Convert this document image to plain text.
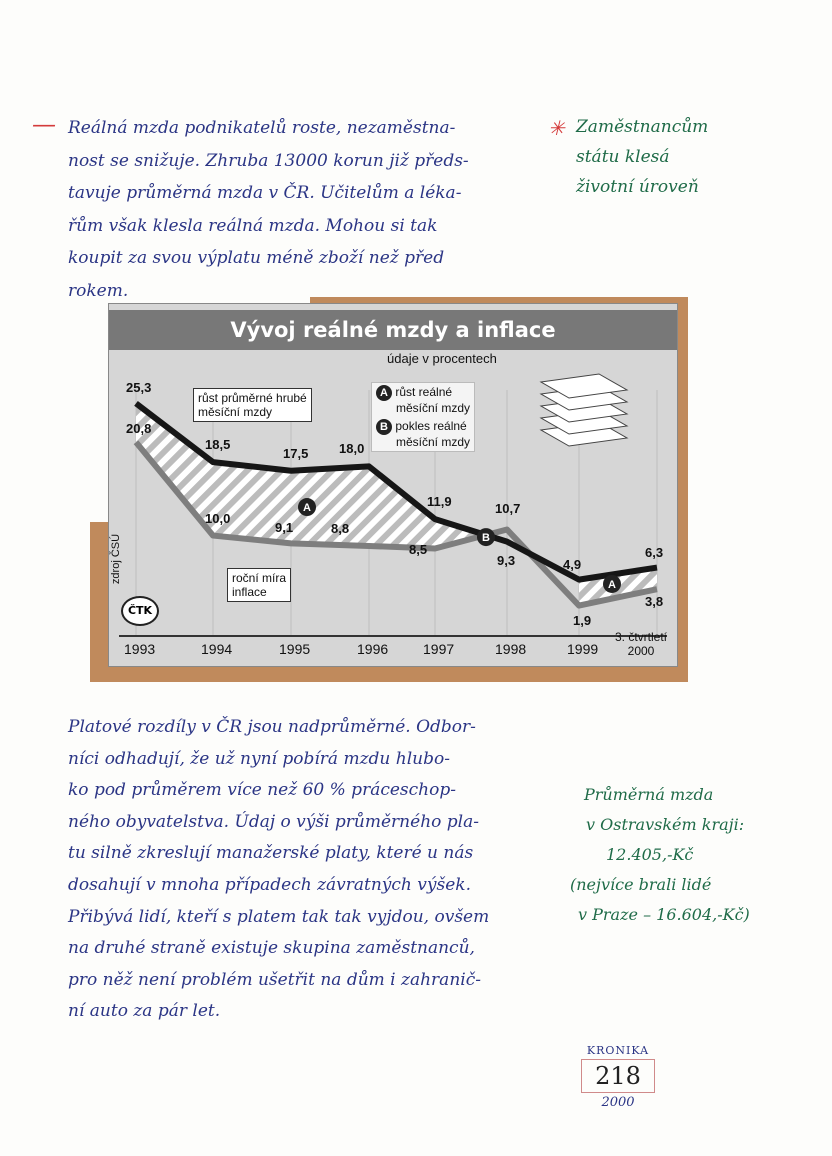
— Reálná mzda podnikatelů roste, nezaměstna-
nost se snižuje. Zhruba 13000 korun již předs-
tavuje průměrná mzda v ČR. Učitelům a léka-
řům však klesla reálná mzda. Mohou si tak
koupit za svou výplatu méně zboží než před
rokem.
✳ Zaměstnancům
státu klesá
životní úroveň
Vývoj reálné mzdy a inflace
A
B
A
údaje v procentech
25,3
18,5
17,5 18,0
11,9
9,3	4,9
6,3
20,8
10,0
9,1	8,8
8,5
10,7
1,9
3,8
růst průměrné hrubé
měsíční mzdy
roční míra
inflace
A růst reálné
měsíční mzdy
B pokles reálné
měsíční mzdy
zdroj ČSÚ
ČTK
1993	1994	1995	1996 1997	1998	1999
3. čtvrtletí
2000
Platové rozdíly v ČR jsou nadprůměrné. Odbor-
níci odhadují, že už nyní pobírá mzdu hlubo-
ko pod průměrem více než 60 % práceschop-
ného obyvatelstva. Údaj o výši průměrného pla-
tu silně zkreslují manažerské platy, které u nás
dosahují v mnoha případech závratných výšek.
Přibývá lidí, kteří s platem tak tak vyjdou, ovšem
na druhé straně existuje skupina zaměstnanců,
pro něž není problém ušetřit na dům i zahranič-
ní auto za pár let.
Průměrná mzda
v Ostravském kraji:
12.405,-Kč
(nejvíce brali lidé
v Praze – 16.604,-Kč)
KRONIKA
218
2000
